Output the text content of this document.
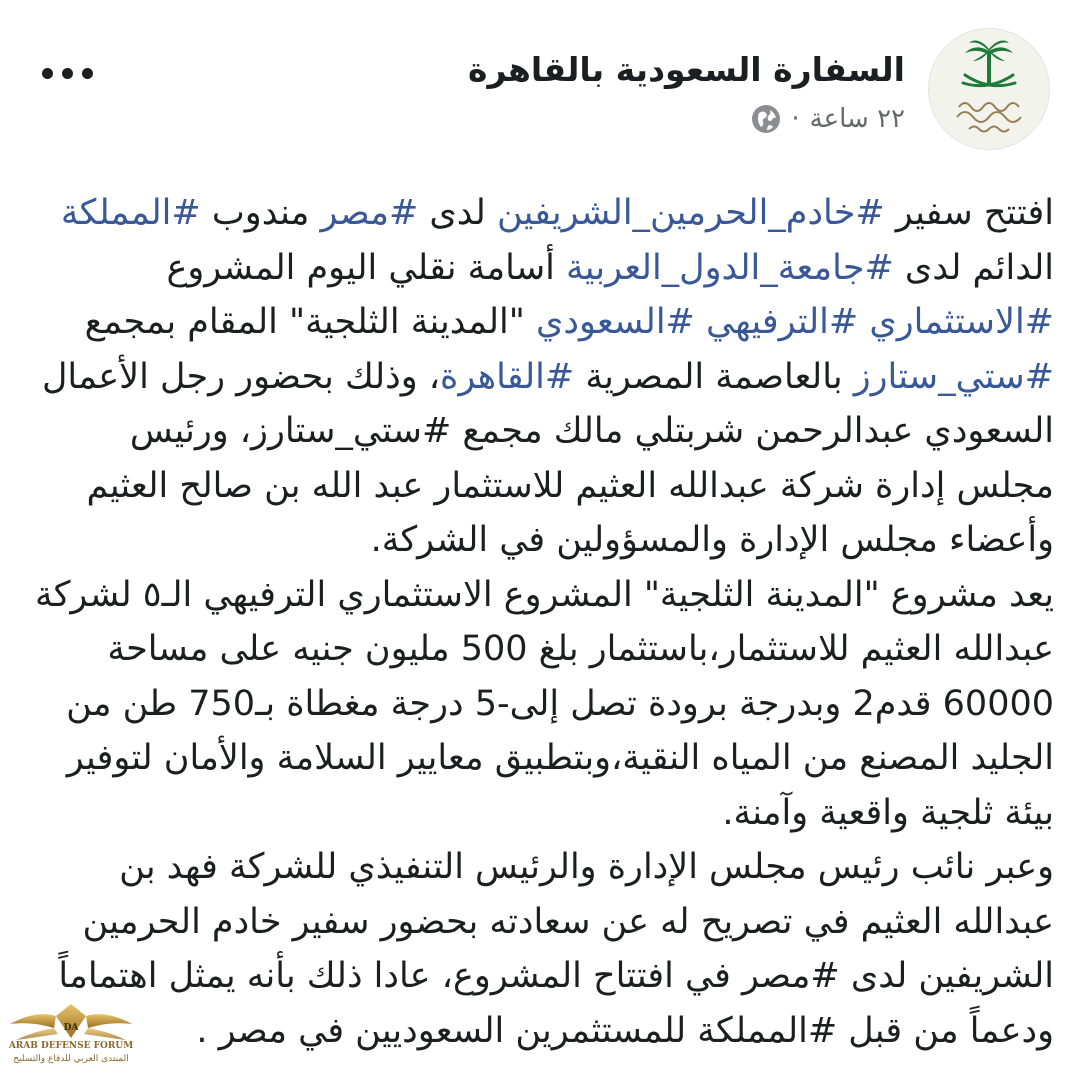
السفارة السعودية بالقاهرة
٢٢ ساعة
·

افتتح سفير #خادم_الحرمين_الشريفين لدى #مصر مندوب #المملكة الدائم لدى #جامعة_الدول_العربية أسامة نقلي اليوم المشروع #الاستثماري #الترفيهي #السعودي "المدينة الثلجية" المقام بمجمع #ستي_ستارز بالعاصمة المصرية #القاهرة، وذلك بحضور رجل الأعمال السعودي عبدالرحمن شربتلي مالك مجمع #ستي_ستارز، ورئيس مجلس إدارة شركة عبدالله العثيم للاستثمار عبد الله بن صالح العثيم وأعضاء مجلس الإدارة والمسؤولين في الشركة.

يعد مشروع "المدينة الثلجية" المشروع الاستثماري الترفيهي الـ٥ لشركة عبدالله العثيم للاستثمار،باستثمار بلغ 500 مليون جنيه على مساحة 60000 قدم2 وبدرجة برودة تصل إلى-5 درجة مغطاة بـ750 طن من الجليد المصنع من المياه النقية،وبتطبيق معايير السلامة والأمان لتوفير بيئة ثلجية واقعية وآمنة.

وعبر نائب رئيس مجلس الإدارة والرئيس التنفيذي للشركة فهد بن عبدالله العثيم في تصريح له عن سعادته بحضور سفير خادم الحرمين الشريفين لدى #مصر في افتتاح المشروع، عادا ذلك بأنه يمثل اهتماماً ودعماً من قبل #المملكة للمستثمرين السعوديين في مصر .

DA
ARAB DEFENSE FORUM
المنتدى العربي للدفاع والتسليح
